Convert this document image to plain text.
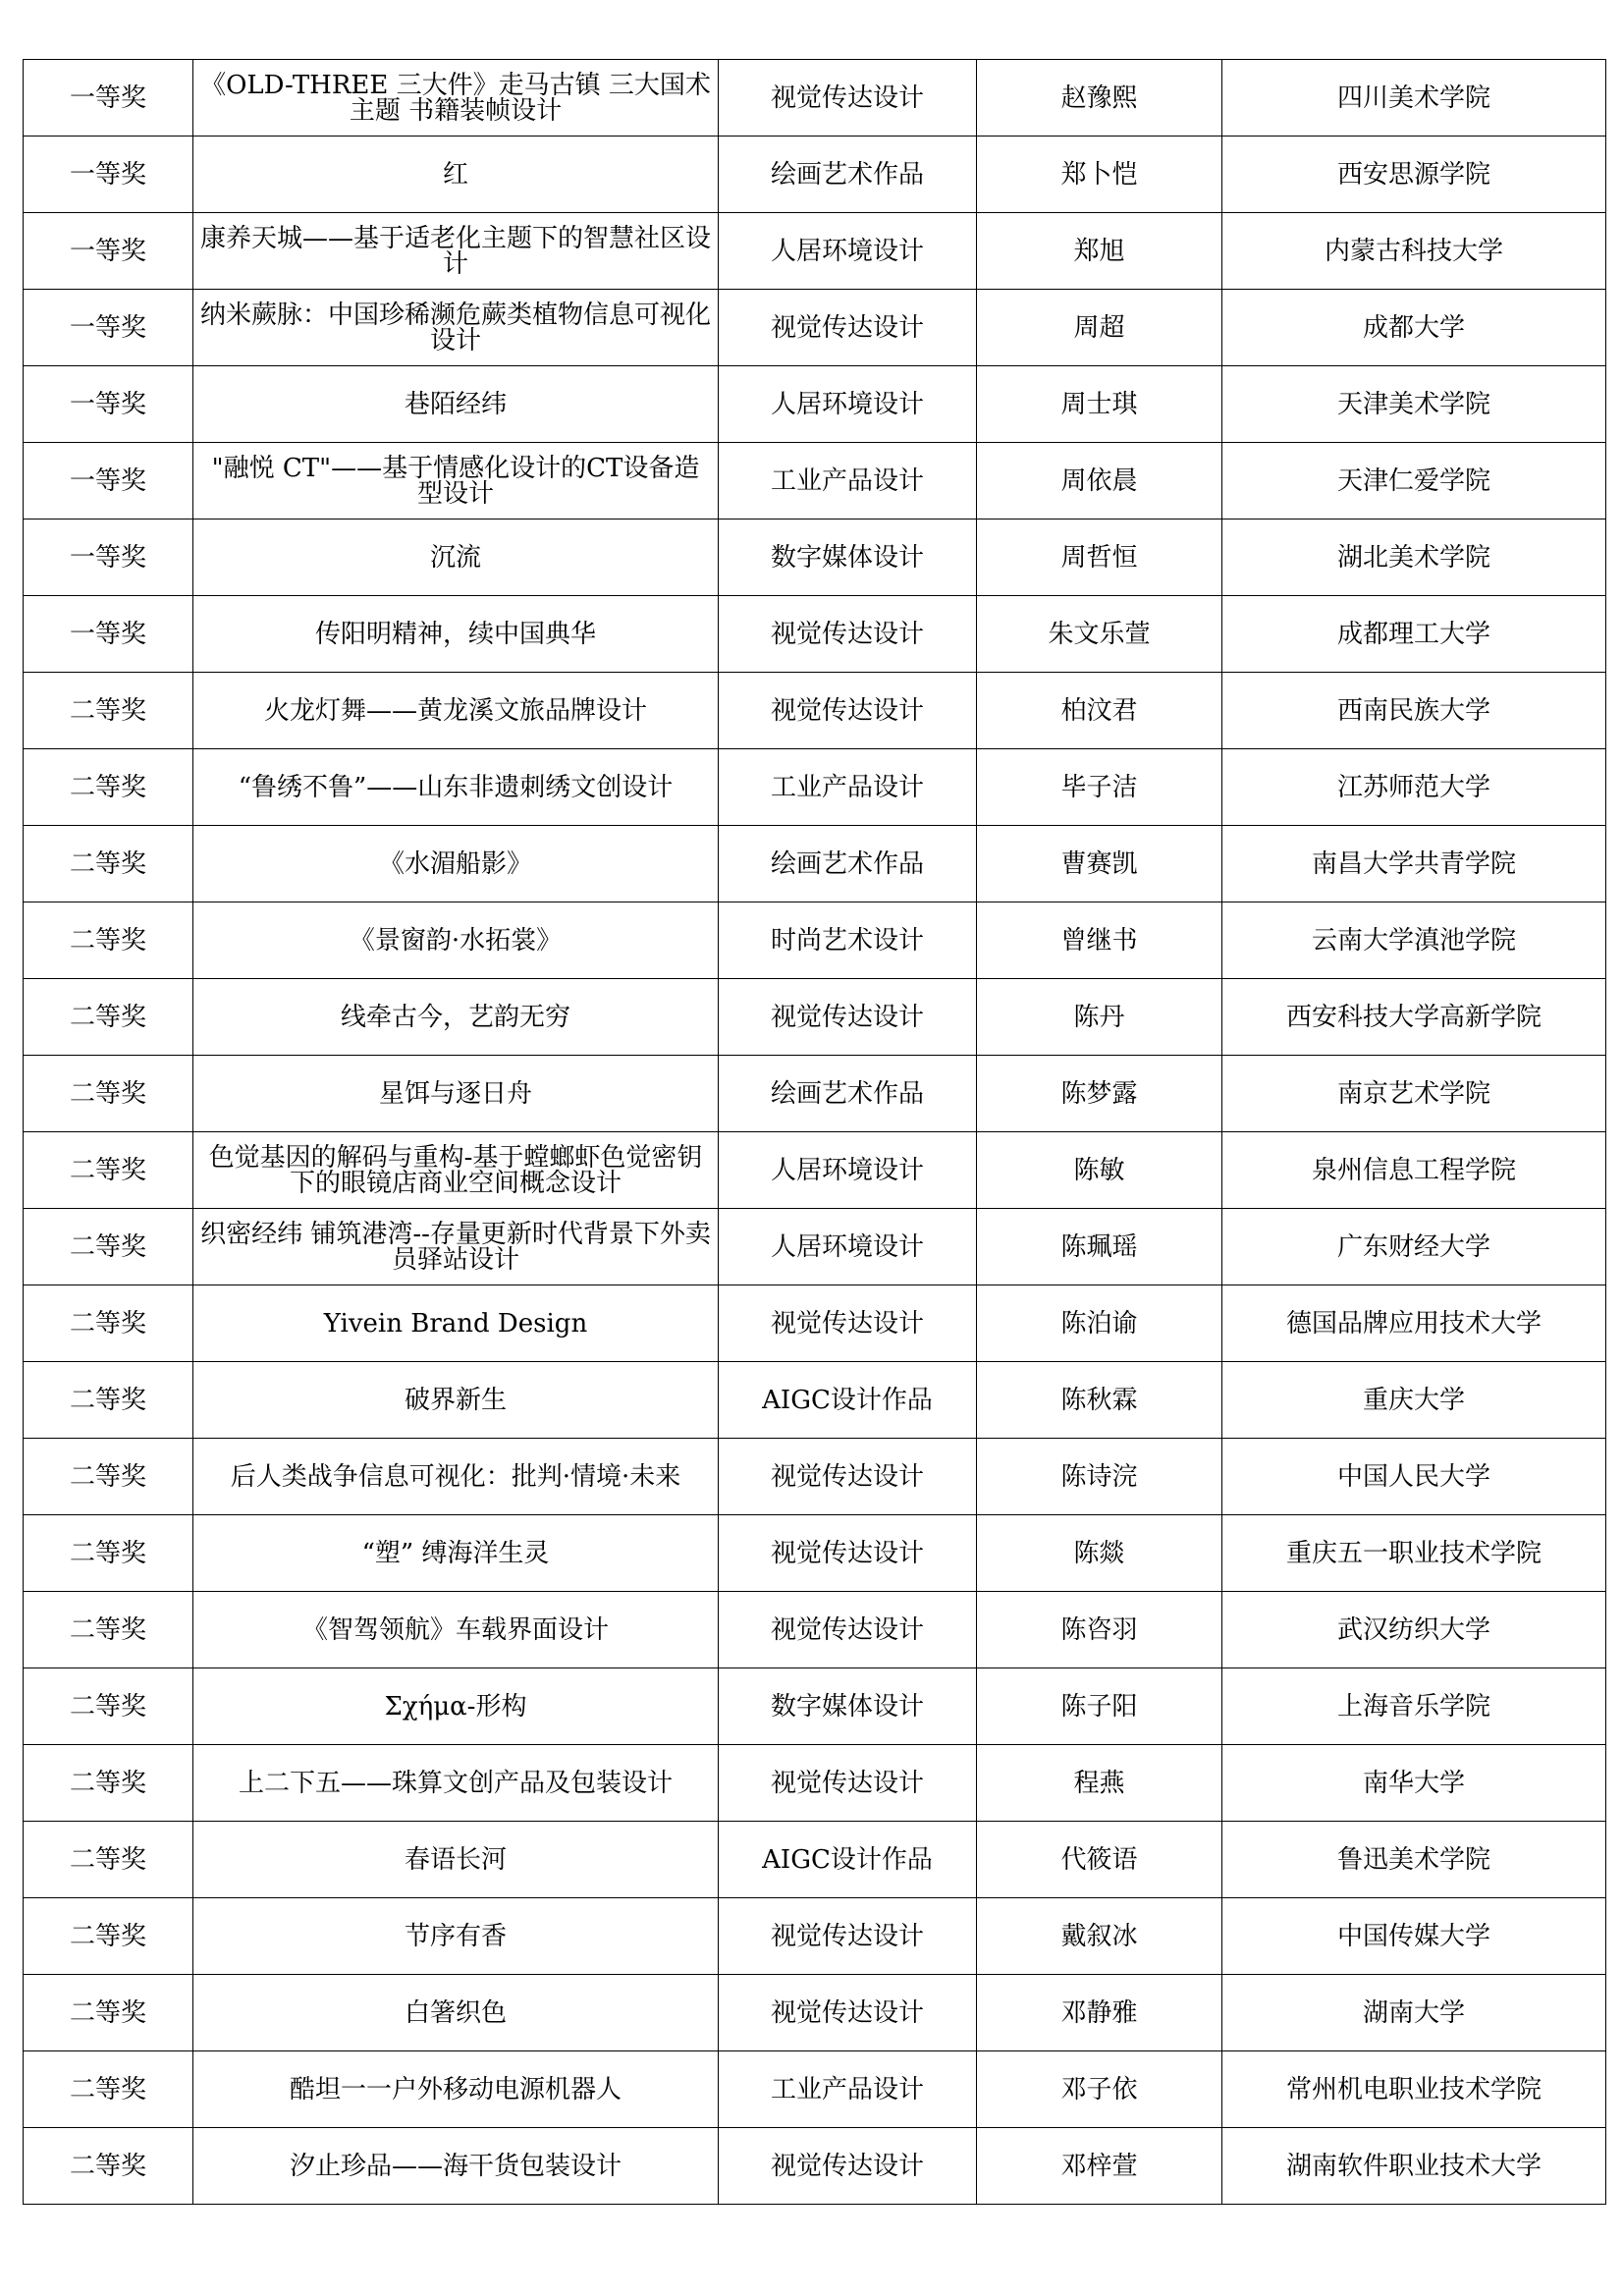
一等奖	《OLD-THREE 三大件》走马古镇 三大国术主题 书籍装帧设计	视觉传达设计	赵豫熙	四川美术学院
一等奖	红	绘画艺术作品	郑卜恺	西安思源学院
一等奖	康养天城——基于适老化主题下的智慧社区设计	人居环境设计	郑旭	内蒙古科技大学
一等奖	纳米蕨脉：中国珍稀濒危蕨类植物信息可视化设计	视觉传达设计	周超	成都大学
一等奖	巷陌经纬	人居环境设计	周士琪	天津美术学院
一等奖	"融悦 CT"——基于情感化设计的CT设备造型设计	工业产品设计	周依晨	天津仁爱学院
一等奖	沉流	数字媒体设计	周哲恒	湖北美术学院
一等奖	传阳明精神，续中国典华	视觉传达设计	朱文乐萱	成都理工大学
二等奖	火龙灯舞——黄龙溪文旅品牌设计	视觉传达设计	柏汶君	西南民族大学
二等奖	“鲁绣不鲁”——山东非遗刺绣文创设计	工业产品设计	毕子洁	江苏师范大学
二等奖	《水湄船影》	绘画艺术作品	曹赛凯	南昌大学共青学院
二等奖	《景窗韵·水拓裳》	时尚艺术设计	曾继书	云南大学滇池学院
二等奖	线牵古今，艺韵无穷	视觉传达设计	陈丹	西安科技大学高新学院
二等奖	星饵与逐日舟	绘画艺术作品	陈梦露	南京艺术学院
二等奖	色觉基因的解码与重构-基于螳螂虾色觉密钥下的眼镜店商业空间概念设计	人居环境设计	陈敏	泉州信息工程学院
二等奖	织密经纬 铺筑港湾--存量更新时代背景下外卖员驿站设计	人居环境设计	陈珮瑶	广东财经大学
二等奖	Yivein Brand Design	视觉传达设计	陈泊谕	德国品牌应用技术大学
二等奖	破界新生	AIGC设计作品	陈秋霖	重庆大学
二等奖	后人类战争信息可视化：批判·情境·未来	视觉传达设计	陈诗浣	中国人民大学
二等奖	“塑” 缚海洋生灵	视觉传达设计	陈燚	重庆五一职业技术学院
二等奖	《智驾领航》车载界面设计	视觉传达设计	陈咨羽	武汉纺织大学
二等奖	Σχήμα-形构	数字媒体设计	陈子阳	上海音乐学院
二等奖	上二下五——珠算文创产品及包装设计	视觉传达设计	程燕	南华大学
二等奖	春语长河	AIGC设计作品	代筱语	鲁迅美术学院
二等奖	节序有香	视觉传达设计	戴叙冰	中国传媒大学
二等奖	白箸织色	视觉传达设计	邓静雅	湖南大学
二等奖	酷坦一一户外移动电源机器人	工业产品设计	邓子依	常州机电职业技术学院
二等奖	汐止珍品——海干货包装设计	视觉传达设计	邓梓萱	湖南软件职业技术大学
